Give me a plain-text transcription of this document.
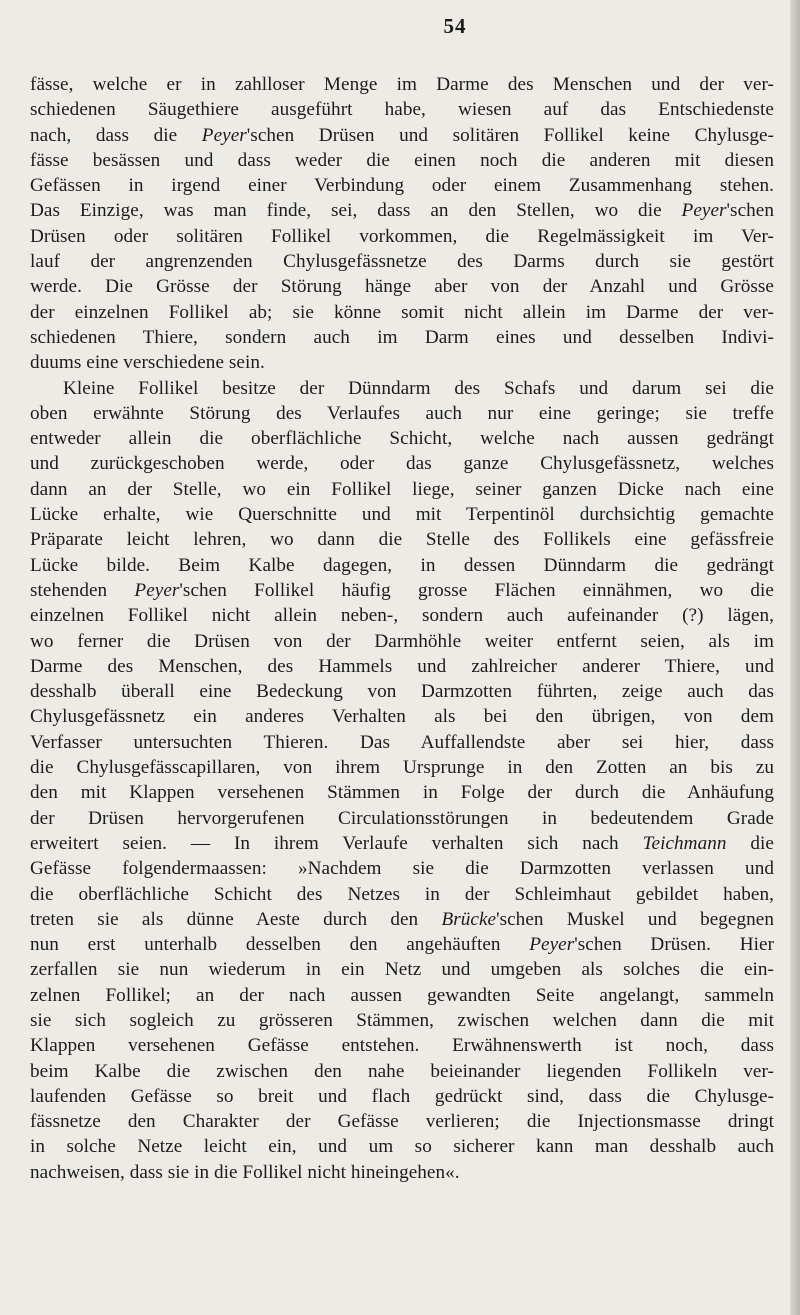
54
fässe, welche er in zahlloser Menge im Darme des Menschen und der ver-
schiedenen Säugethiere ausgeführt habe, wiesen auf das Entschiedenste
nach, dass die Peyer'schen Drüsen und solitären Follikel keine Chylusge-
fässe besässen und dass weder die einen noch die anderen mit diesen
Gefässen in irgend einer Verbindung oder einem Zusammenhang stehen.
Das Einzige, was man finde, sei, dass an den Stellen, wo die Peyer'schen
Drüsen oder solitären Follikel vorkommen, die Regelmässigkeit im Ver-
lauf der angrenzenden Chylusgefässnetze des Darms durch sie gestört
werde. Die Grösse der Störung hänge aber von der Anzahl und Grösse
der einzelnen Follikel ab; sie könne somit nicht allein im Darme der ver-
schiedenen Thiere, sondern auch im Darm eines und desselben Indivi-
duums eine verschiedene sein.
Kleine Follikel besitze der Dünndarm des Schafs und darum sei die
oben erwähnte Störung des Verlaufes auch nur eine geringe; sie treffe
entweder allein die oberflächliche Schicht, welche nach aussen gedrängt
und zurückgeschoben werde, oder das ganze Chylusgefässnetz, welches
dann an der Stelle, wo ein Follikel liege, seiner ganzen Dicke nach eine
Lücke erhalte, wie Querschnitte und mit Terpentinöl durchsichtig gemachte
Präparate leicht lehren, wo dann die Stelle des Follikels eine gefässfreie
Lücke bilde. Beim Kalbe dagegen, in dessen Dünndarm die gedrängt
stehenden Peyer'schen Follikel häufig grosse Flächen einnähmen, wo die
einzelnen Follikel nicht allein neben-, sondern auch aufeinander (?) lägen,
wo ferner die Drüsen von der Darmhöhle weiter entfernt seien, als im
Darme des Menschen, des Hammels und zahlreicher anderer Thiere, und
desshalb überall eine Bedeckung von Darmzotten führten, zeige auch das
Chylusgefässnetz ein anderes Verhalten als bei den übrigen, von dem
Verfasser untersuchten Thieren. Das Auffallendste aber sei hier, dass
die Chylusgefässcapillaren, von ihrem Ursprunge in den Zotten an bis zu
den mit Klappen versehenen Stämmen in Folge der durch die Anhäufung
der Drüsen hervorgerufenen Circulationsstörungen in bedeutendem Grade
erweitert seien. — In ihrem Verlaufe verhalten sich nach Teichmann die
Gefässe folgendermaassen: »Nachdem sie die Darmzotten verlassen und
die oberflächliche Schicht des Netzes in der Schleimhaut gebildet haben,
treten sie als dünne Aeste durch den Brücke'schen Muskel und begegnen
nun erst unterhalb desselben den angehäuften Peyer'schen Drüsen. Hier
zerfallen sie nun wiederum in ein Netz und umgeben als solches die ein-
zelnen Follikel; an der nach aussen gewandten Seite angelangt, sammeln
sie sich sogleich zu grösseren Stämmen, zwischen welchen dann die mit
Klappen versehenen Gefässe entstehen. Erwähnenswerth ist noch, dass
beim Kalbe die zwischen den nahe beieinander liegenden Follikeln ver-
laufenden Gefässe so breit und flach gedrückt sind, dass die Chylusge-
fässnetze den Charakter der Gefässe verlieren; die Injectionsmasse dringt
in solche Netze leicht ein, und um so sicherer kann man desshalb auch
nachweisen, dass sie in die Follikel nicht hineingehen«.
